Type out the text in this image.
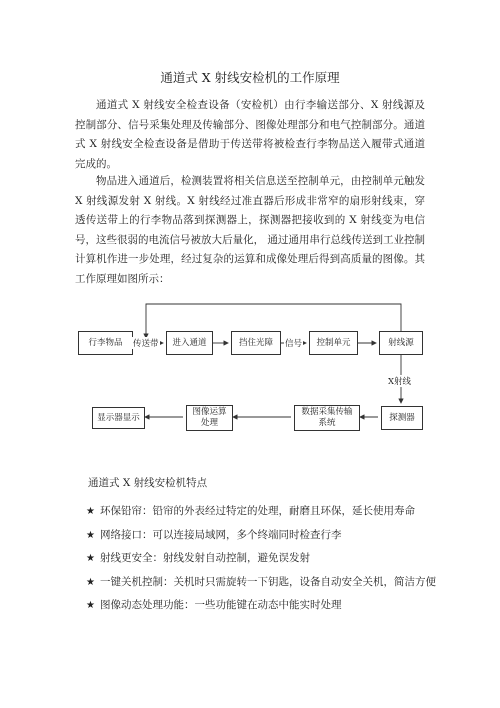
通道式 X 射线安检机的工作原理

通道式 X 射线安全检查设备（安检机）由行李输送部分、X 射线源及控制部分、信号采集处理及传输部分、图像处理部分和电气控制部分。通道式 X 射线安全检查设备是借助于传送带将被检查行李物品送入履带式通道完成的。

物品进入通道后，检测装置将相关信息送至控制单元，由控制单元触发 X 射线源发射 X 射线。X 射线经过准直器后形成非常窄的扇形射线束，穿透传送带上的行李物品落到探测器上，探测器把接收到的 X 射线变为电信号，这些很弱的电流信号被放大后量化， 通过通用串行总线传送到工业控制计算机作进一步处理，经过复杂的运算和成像处理后得到高质量的图像。其工作原理如图所示：

行李物品	进入通道	挡住光障	控制单元	射线源
探测器
数据采集传输
系统
图像运算
处理
显示器显示
传送带	信号
X射线
通道式 X 射线安检机特点
★ 环保铅帘：铅帘的外表经过特定的处理，耐磨且环保，延长使用寿命
★ 网络接口：可以连接局域网，多个终端同时检查行李
★ 射线更安全：射线发射自动控制，避免误发射
★ 一键关机控制：关机时只需旋转一下钥匙，设备自动安全关机，简洁方便
★ 图像动态处理功能：一些功能键在动态中能实时处理
